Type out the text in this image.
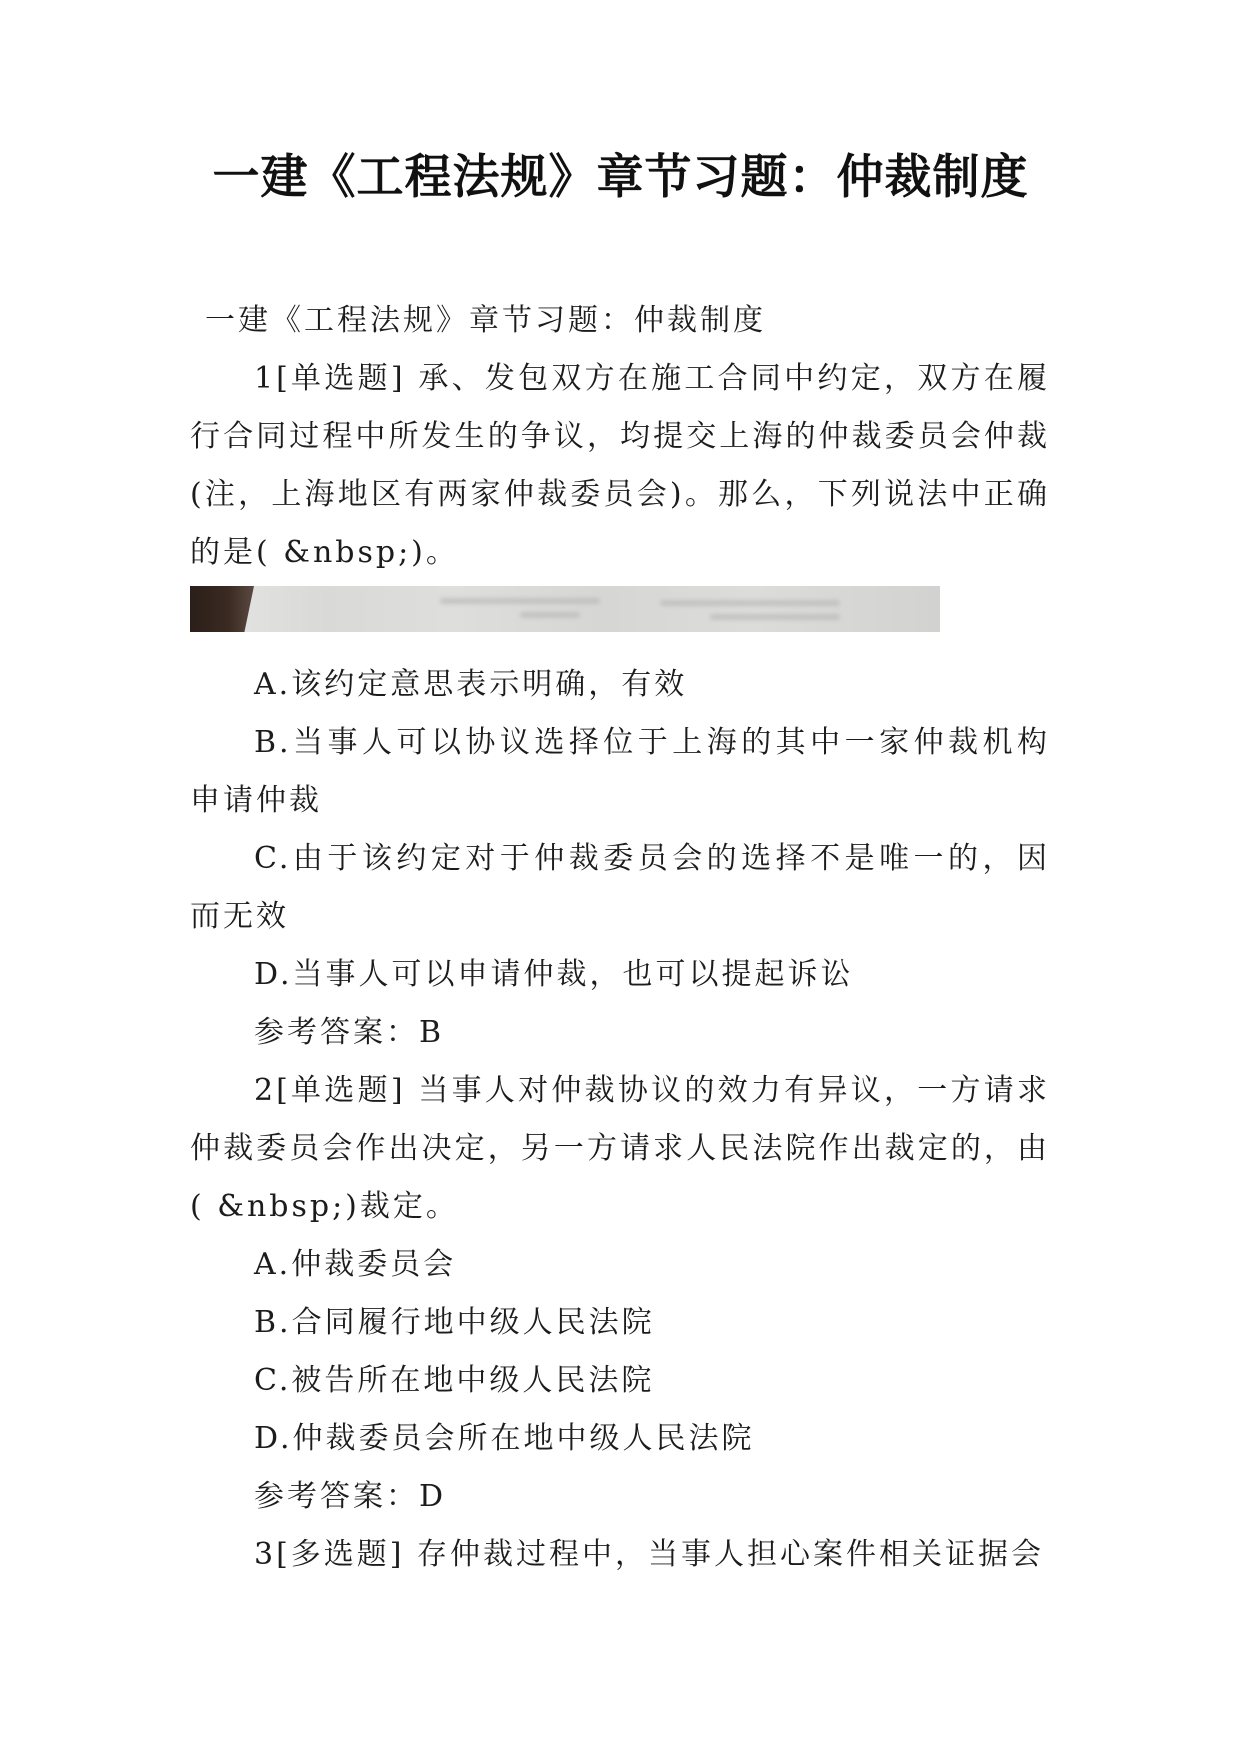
一建《工程法规》章节习题：仲裁制度

一建《工程法规》章节习题：仲裁制度

1[单选题] 承、发包双方在施工合同中约定，双方在履行合同过程中所发生的争议，均提交上海的仲裁委员会仲裁(注，上海地区有两家仲裁委员会)。那么，下列说法中正确的是( &nbsp;)。

A.该约定意思表示明确，有效

B.当事人可以协议选择位于上海的其中一家仲裁机构申请仲裁

C.由于该约定对于仲裁委员会的选择不是唯一的，因而无效

D.当事人可以申请仲裁，也可以提起诉讼

参考答案：B

2[单选题] 当事人对仲裁协议的效力有异议，一方请求仲裁委员会作出决定，另一方请求人民法院作出裁定的，由( &nbsp;)裁定。

A.仲裁委员会

B.合同履行地中级人民法院

C.被告所在地中级人民法院

D.仲裁委员会所在地中级人民法院

参考答案：D

3[多选题] 存仲裁过程中，当事人担心案件相关证据会
